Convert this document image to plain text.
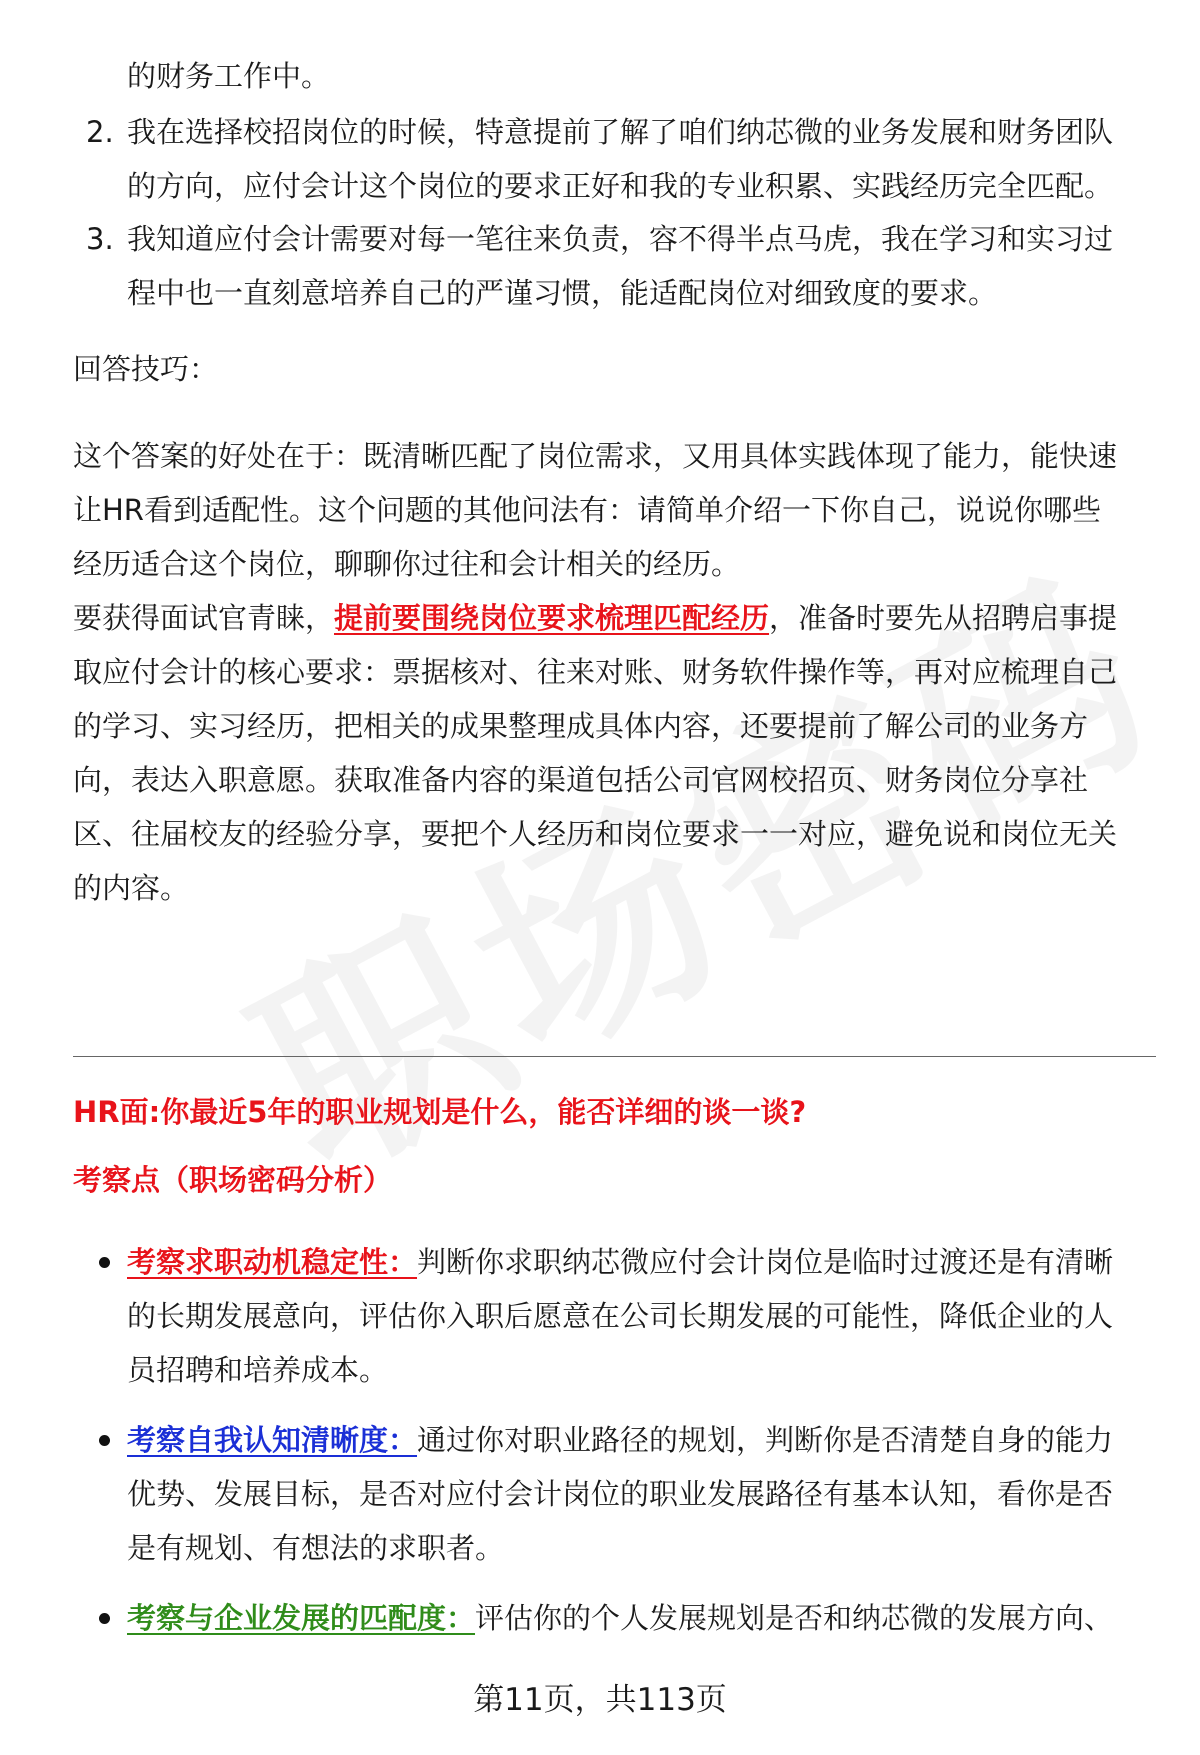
的财务工作中。
2. 我在选择校招岗位的时候，特意提前了解了咱们纳芯微的业务发展和财务团队
的方向，应付会计这个岗位的要求正好和我的专业积累、实践经历完全匹配。
3. 我知道应付会计需要对每一笔往来负责，容不得半点马虎，我在学习和实习过
程中也一直刻意培养自己的严谨习惯，能适配岗位对细致度的要求。
回答技巧：
这个答案的好处在于：既清晰匹配了岗位需求，又用具体实践体现了能力，能快速
让HR看到适配性。这个问题的其他问法有：请简单介绍一下你自己，说说你哪些
经历适合这个岗位，聊聊你过往和会计相关的经历。
要获得面试官青睐，提前要围绕岗位要求梳理匹配经历，准备时要先从招聘启事提
取应付会计的核心要求：票据核对、往来对账、财务软件操作等，再对应梳理自己
的学习、实习经历，把相关的成果整理成具体内容，还要提前了解公司的业务方
向，表达入职意愿。获取准备内容的渠道包括公司官网校招页、财务岗位分享社
区、往届校友的经验分享，要把个人经历和岗位要求一一对应，避免说和岗位无关
的内容。
HR面:你最近5年的职业规划是什么，能否详细的谈一谈?
考察点（职场密码分析）
考察求职动机稳定性：判断你求职纳芯微应付会计岗位是临时过渡还是有清晰
的长期发展意向，评估你入职后愿意在公司长期发展的可能性，降低企业的人
员招聘和培养成本。
考察自我认知清晰度：通过你对职业路径的规划，判断你是否清楚自身的能力
优势、发展目标，是否对应付会计岗位的职业发展路径有基本认知，看你是否
是有规划、有想法的求职者。
考察与企业发展的匹配度：评估你的个人发展规划是否和纳芯微的发展方向、
第11页，共113页
